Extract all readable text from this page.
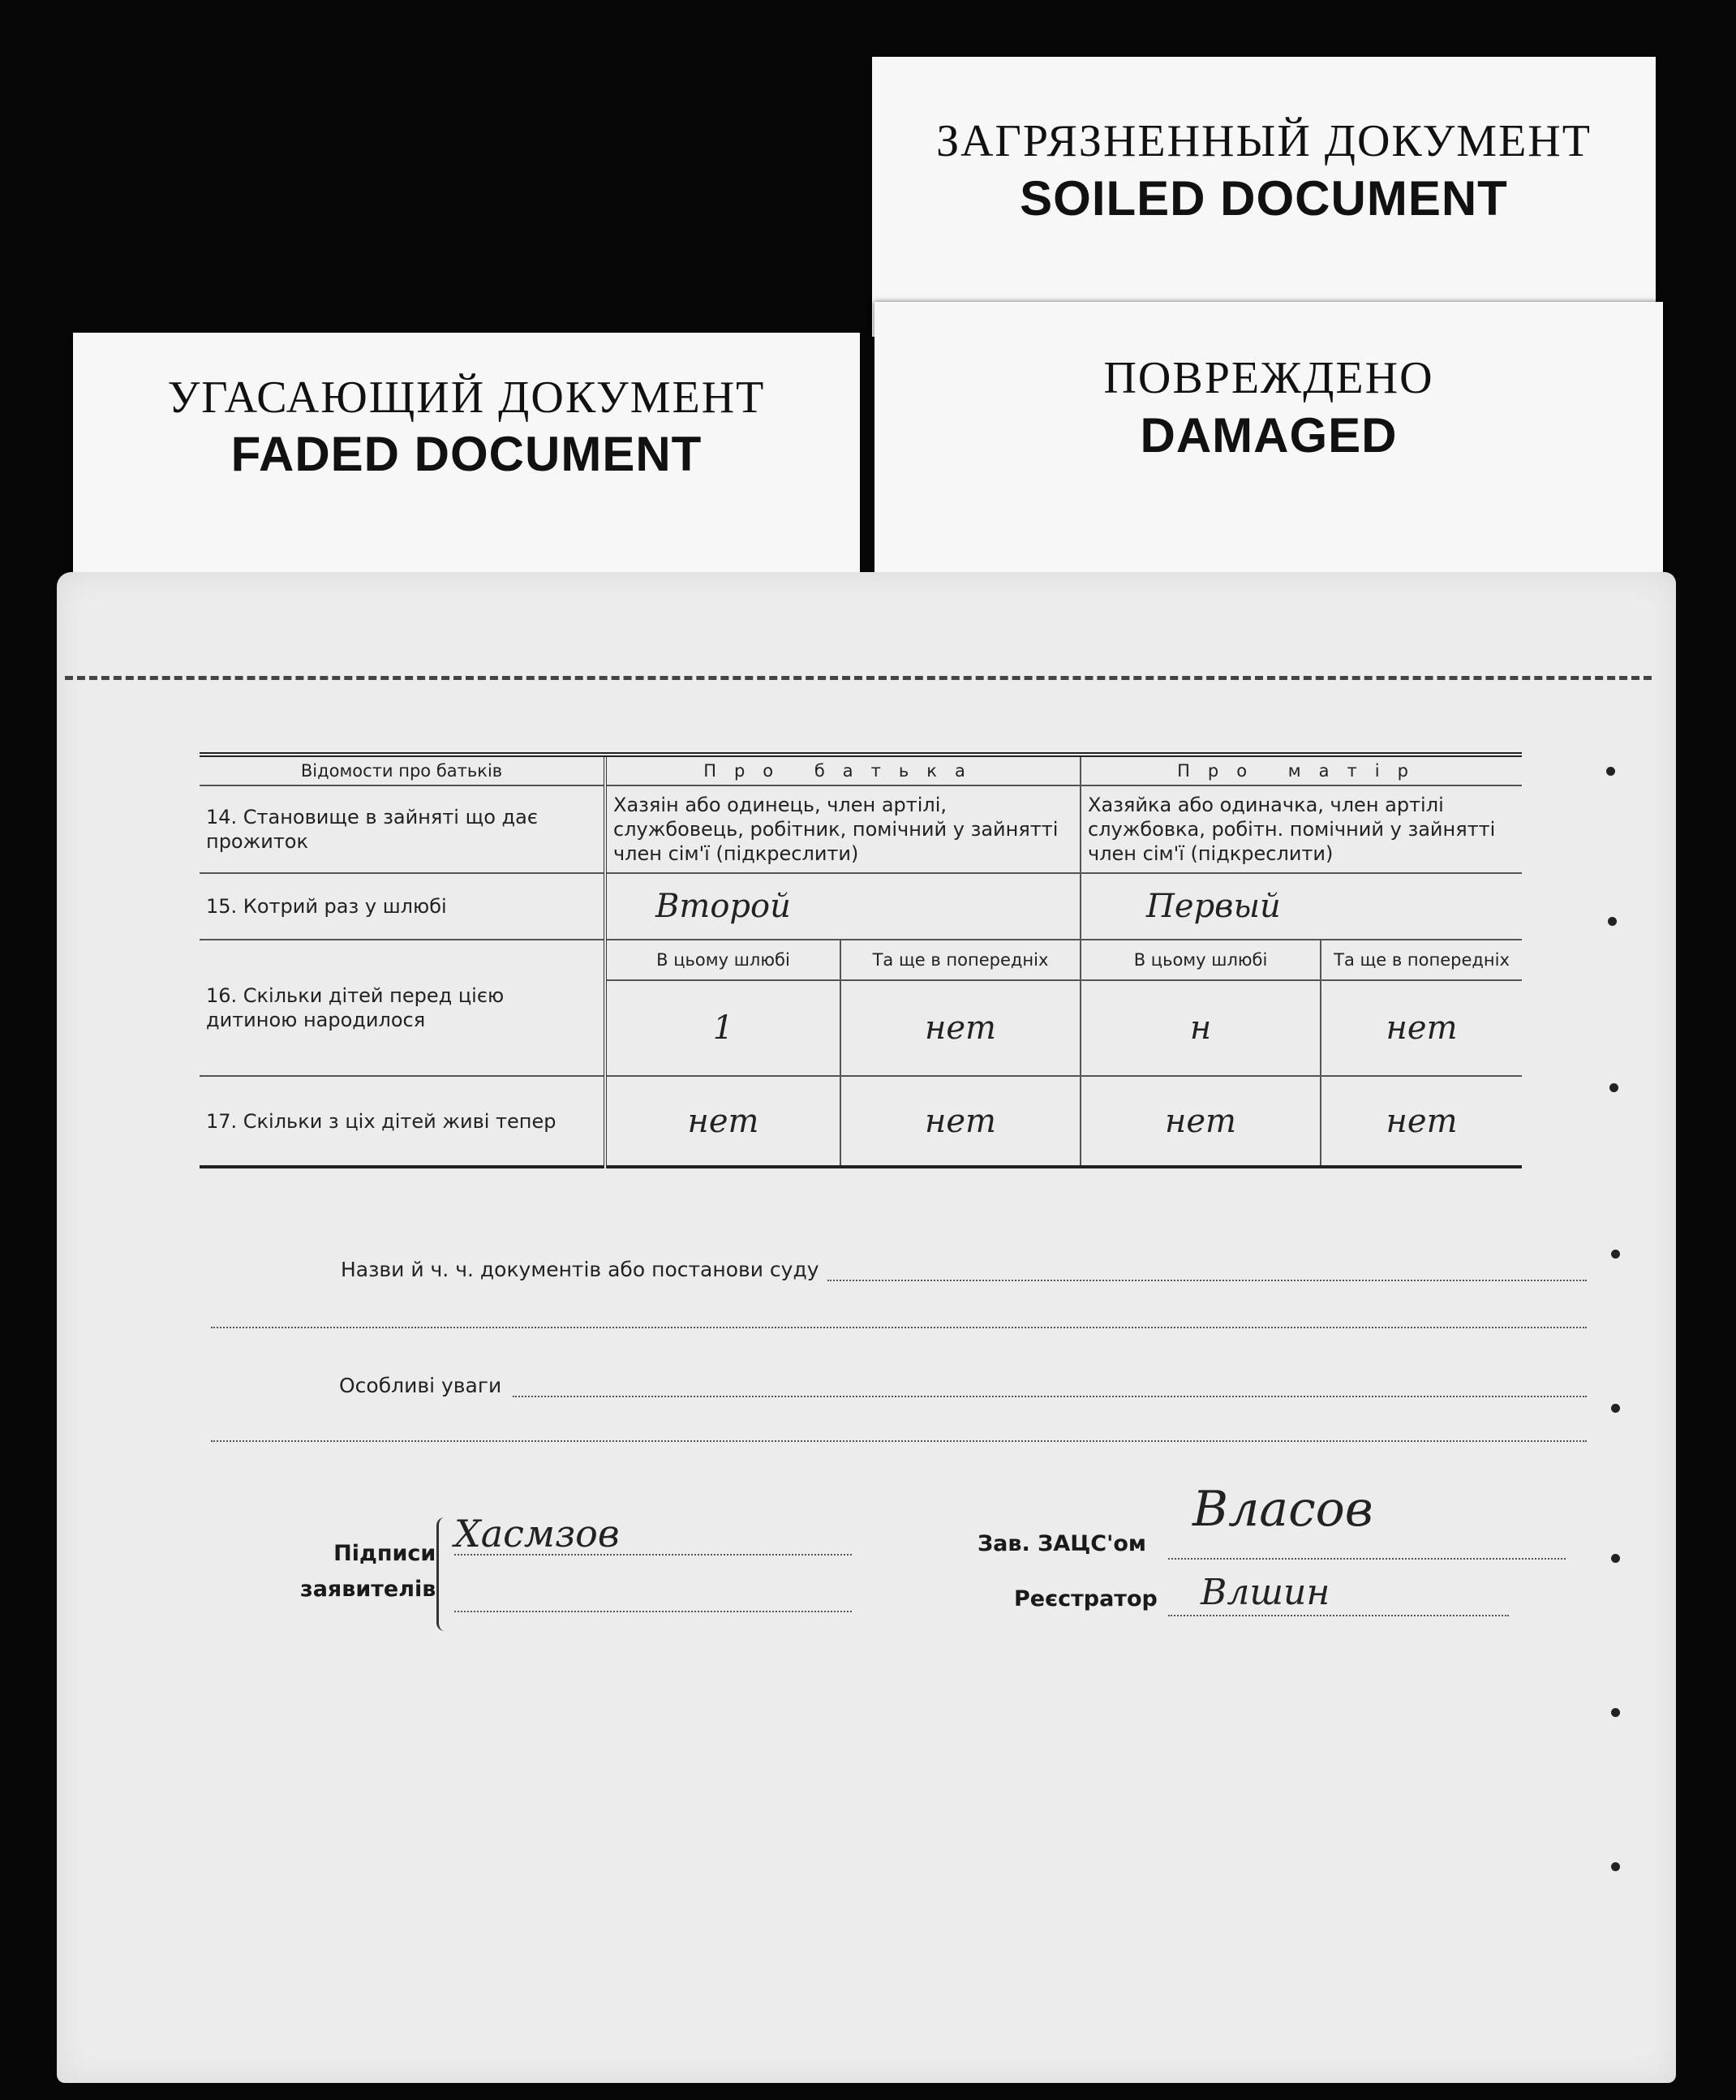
ЗАГРЯЗНЕННЫЙ ДОКУМЕНТ
SOILED DOCUMENT
УГАСАЮЩИЙ ДОКУМЕНТ
FADED DOCUMENT
ПОВРЕЖДЕНО
DAMAGED
Відомости про батьків	Про батька		Про матір	
14. Становище в зайняті що дає прожиток	Хазяін або одинець, член артілі, службовець, робітник, помічний у зайнятті член сім'ї (підкреслити)		Хазяйка або одиначка, член артілі службовка, робітн. помічний у зайнятті член сім'ї (підкреслити)	
15. Котрий раз у шлюбі	Второй		Первый	
16. Скільки дітей перед цією дитиною народилося	В цьому шлюбі	Та ще в попередніх	В цьому шлюбі	Та ще в попередніх
	1	нет	н	нет
17. Скільки з ціх дітей живі тепер	нет	нет	нет	нет
Назви й ч. ч. документів або постанови суду
Особливі уваги
Підписи
заявителів
Хасмзов	Зав. ЗАЦС'ом
Власов
Реєстратор Влшин
